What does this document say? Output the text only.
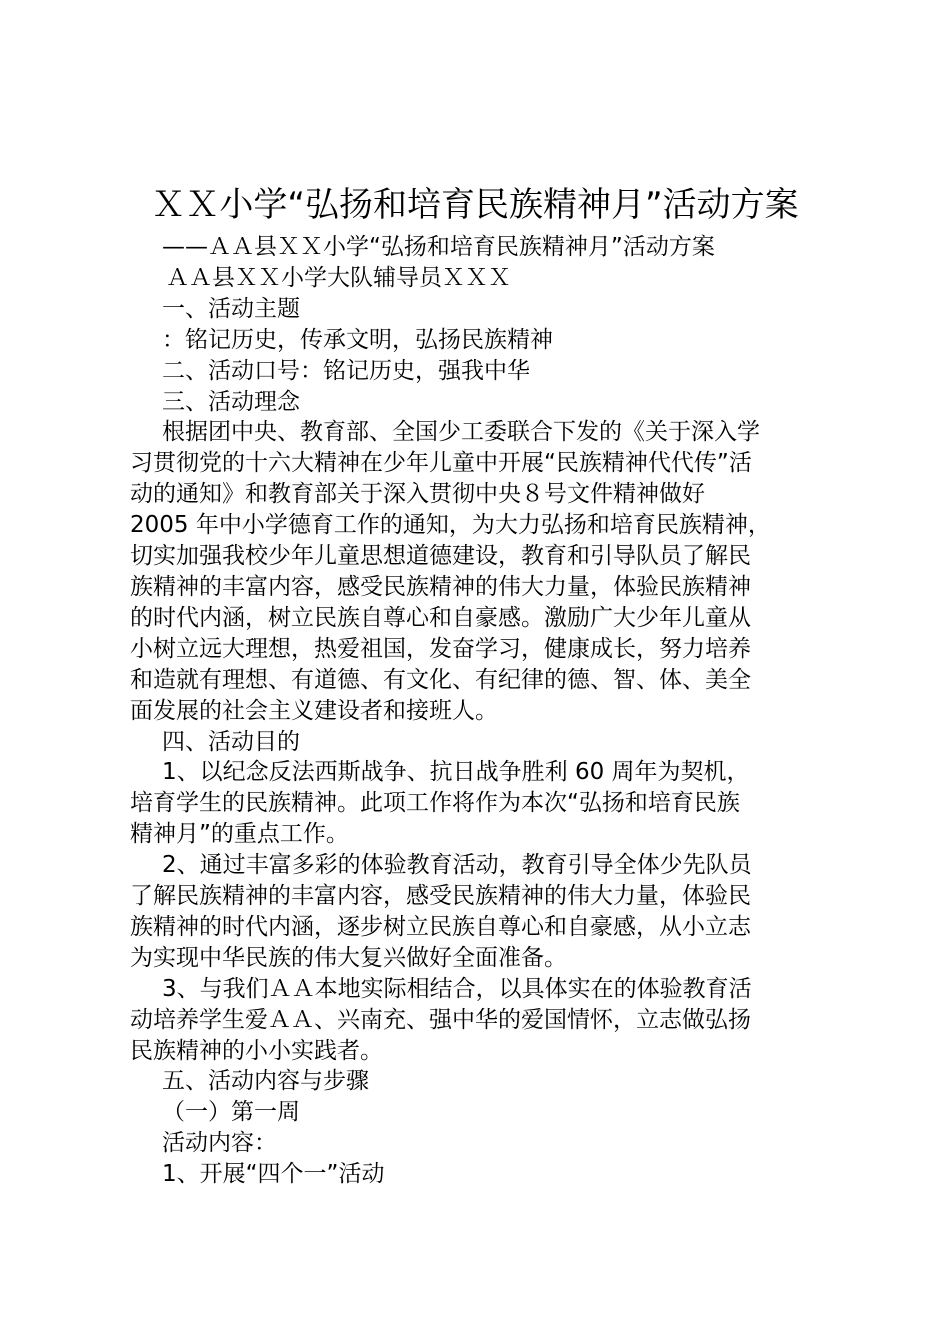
ＸＸ小学“弘扬和培育民族精神月”活动方案
——ＡＡ县ＸＸ小学“弘扬和培育民族精神月”活动方案
ＡＡ县ＸＸ小学大队辅导员ＸＸＸ
一、活动主题
：铭记历史，传承文明，弘扬民族精神
二、活动口号：铭记历史，强我中华
三、活动理念
根据团中央、教育部、全国少工委联合下发的《关于深入学
习贯彻党的十六大精神在少年儿童中开展“民族精神代代传”活
动的通知》和教育部关于深入贯彻中央８号文件精神做好
2005 年中小学德育工作的通知，为大力弘扬和培育民族精神，
切实加强我校少年儿童思想道德建设，教育和引导队员了解民
族精神的丰富内容，感受民族精神的伟大力量，体验民族精神
的时代内涵，树立民族自尊心和自豪感。激励广大少年儿童从
小树立远大理想，热爱祖国，发奋学习，健康成长，努力培养
和造就有理想、有道德、有文化、有纪律的德、智、体、美全
面发展的社会主义建设者和接班人。
四、活动目的
1、以纪念反法西斯战争、抗日战争胜利 60 周年为契机，
培育学生的民族精神。此项工作将作为本次“弘扬和培育民族
精神月”的重点工作。
2、通过丰富多彩的体验教育活动，教育引导全体少先队员
了解民族精神的丰富内容，感受民族精神的伟大力量，体验民
族精神的时代内涵，逐步树立民族自尊心和自豪感，从小立志
为实现中华民族的伟大复兴做好全面准备。
3、与我们ＡＡ本地实际相结合，以具体实在的体验教育活
动培养学生爱ＡＡ、兴南充、强中华的爱国情怀，立志做弘扬
民族精神的小小实践者。
五、活动内容与步骤
（一）第一周
活动内容：
1、开展“四个一”活动
